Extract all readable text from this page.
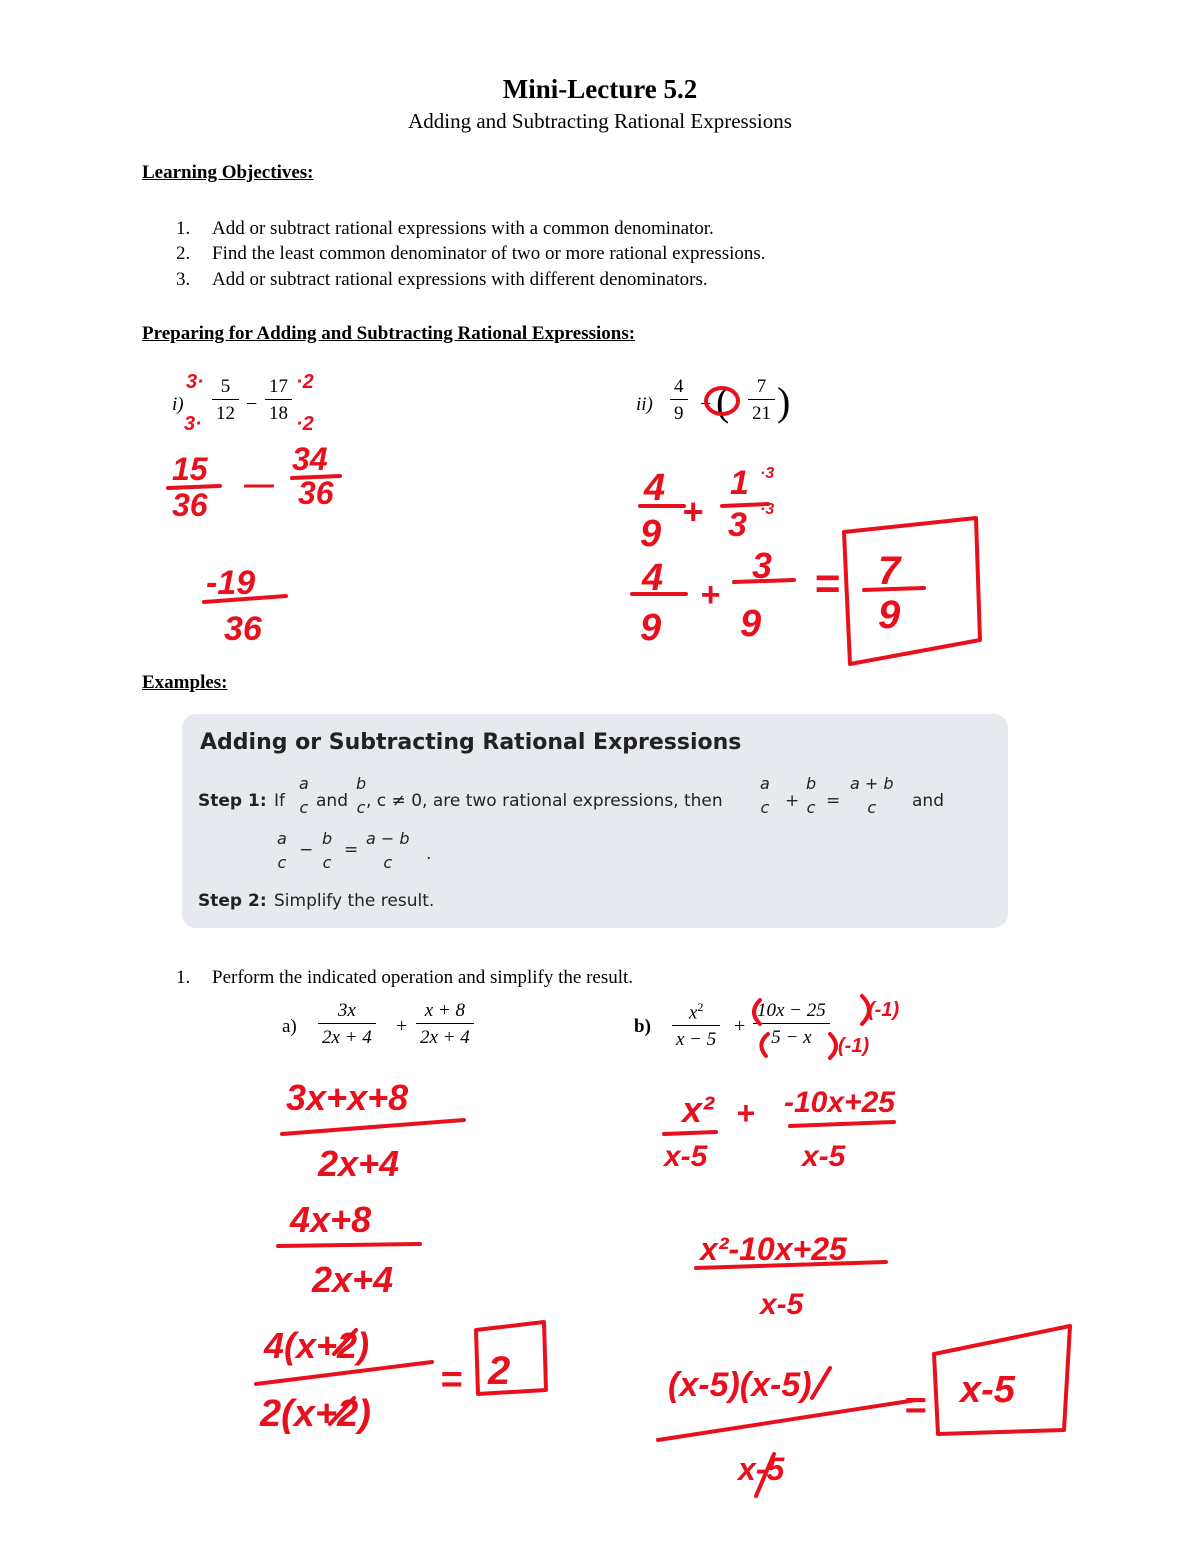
Mini-Lecture 5.2
Adding and Subtracting Rational Expressions
Learning Objectives:
1. Add or subtract rational expressions with a common denominator.
2. Find the least common denominator of two or more rational expressions.
3. Add or subtract rational expressions with different denominators.
Preparing for Adding and Subtracting Rational Expressions:
i)
5
12 −
17
18	ii)
4
9 − ( 7
21 )
Examples:
Adding or Subtracting Rational Expressions
Step 1: If
a
c and
b
c , c ≠ 0, are two rational expressions, then
a
c +
b
c =
a + b
c and
a
c
−
b
c
=
a − b
c .
Step 2: Simplify the result.
1. Perform the indicated operation and simplify the result.
a)
3x
2x + 4
+
x + 8
2x + 4
b)
$x^2$
x − 5
+
10x − 25
5 − x
3·
3·
·2
·2
15
36
—
34
36
-19
36
4
9
+
1
3
·3
·3
4
9
+
3
9
= 7
9
(-1)
(-1)
3x+x+8
2x+4
4x+8
2x+4
4(x+2)
2(x+2)
= 2
x²
x-5
+ -10x+25
x-5
x²-10x+25
x-5
(x-5)(x-5)
x-5
= x-5
